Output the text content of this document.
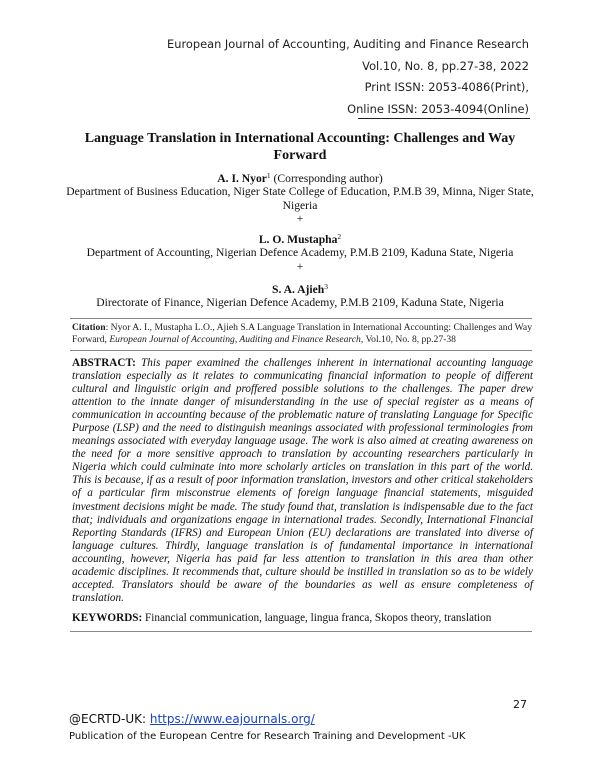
European Journal of Accounting, Auditing and Finance Research
Vol.10, No. 8, pp.27-38, 2022
Print ISSN: 2053-4086(Print),
Online ISSN: 2053-4094(Online)
Language Translation in International Accounting: Challenges and Way Forward
A. I. Nyor$^1$ (Corresponding author)
Department of Business Education, Niger State College of Education, P.M.B 39, Minna, Niger State, Nigeria
+
L. O. Mustapha$^2$
Department of Accounting, Nigerian Defence Academy, P.M.B 2109, Kaduna State, Nigeria
+
S. A. Ajieh$^3$
Directorate of Finance, Nigerian Defence Academy, P.M.B 2109, Kaduna State, Nigeria
Citation: Nyor A. I., Mustapha L.O., Ajieh S.A Language Translation in International Accounting: Challenges and Way Forward, European Journal of Accounting, Auditing and Finance Research, Vol.10, No. 8, pp.27-38
ABSTRACT: This paper examined the challenges inherent in international accounting language translation especially as it relates to communicating financial information to people of different cultural and linguistic origin and proffered possible solutions to the challenges. The paper drew attention to the innate danger of misunderstanding in the use of special register as a means of communication in accounting because of the problematic nature of translating Language for Specific Purpose (LSP) and the need to distinguish meanings associated with professional terminologies from meanings associated with everyday language usage. The work is also aimed at creating awareness on the need for a more sensitive approach to translation by accounting researchers particularly in Nigeria which could culminate into more scholarly articles on translation in this part of the world. This is because, if as a result of poor information translation, investors and other critical stakeholders of a particular firm misconstrue elements of foreign language financial statements, misguided investment decisions might be made. The study found that, translation is indispensable due to the fact that; individuals and organizations engage in international trades. Secondly, International Financial Reporting Standards (IFRS) and European Union (EU) declarations are translated into diverse of language cultures. Thirdly, language translation is of fundamental importance in international accounting, however, Nigeria has paid far less attention to translation in this area than other academic disciplines. It recommends that, culture should be instilled in translation so as to be widely accepted. Translators should be aware of the boundaries as well as ensure completeness of translation.
KEYWORDS: Financial communication, language, lingua franca, Skopos theory, translation
27
@ECRTD-UK: https://www.eajournals.org/
Publication of the European Centre for Research Training and Development -UK
